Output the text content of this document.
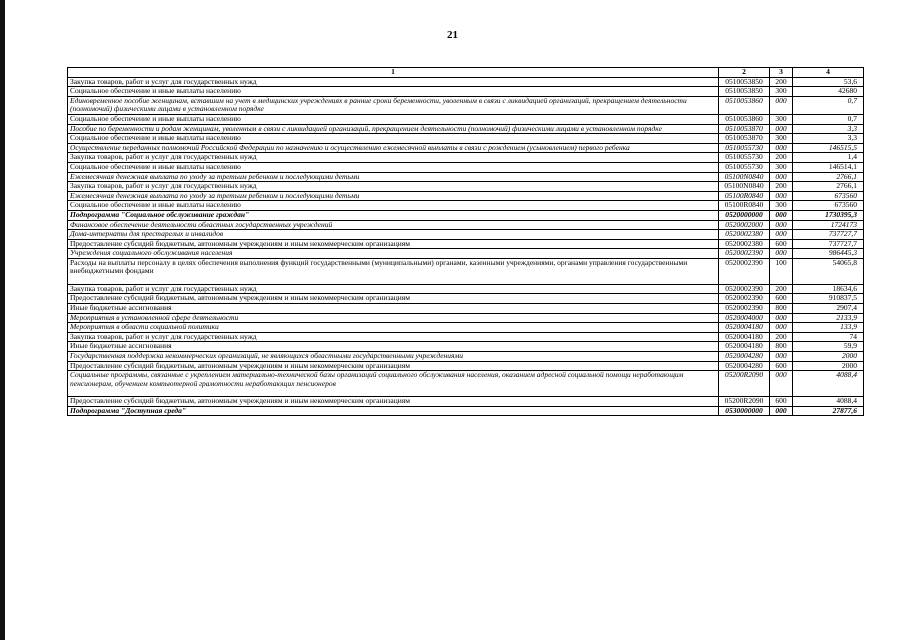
21
1	2	3	4
Закупка товаров, работ и услуг для государственных нужд	0510053850	200	53,6
Социальное обеспечение и иные выплаты населению	0510053850	300	42680
Единовременное пособие женщинам, вставшим на учет в медицинских учреждениях в ранние сроки беременности, уволенным в связи с ликвидацией организаций, прекращением деятельности (полномочий) физическими лицами в установленном порядке	0510053860	000	0,7
Социальное обеспечение и иные выплаты населению	0510053860	300	0,7
Пособие по беременности и родам женщинам, уволенным в связи с ликвидацией организаций, прекращением деятельности (полномочий) физическими лицами в установленном порядке	0510053870	000	3,3
Социальное обеспечение и иные выплаты населению	0510053870	300	3,3
Осуществление переданных полномочий Российской Федерации по назначению и осуществлению ежемесячной выплаты в связи с рождением (усыновлением) первого ребенка	0510055730	000	146515,5
Закупка товаров, работ и услуг для государственных нужд	0510055730	200	1,4
Социальное обеспечение и иные выплаты населению	0510055730	300	146514,1
Ежемесячная денежная выплата по уходу за третьим ребенком и последующими детьми	05100N0840	000	2766,1
Закупка товаров, работ и услуг для государственных нужд	05100N0840	200	2766,1
Ежемесячная денежная выплата по уходу за третьим ребенком и последующими детьми	05100R0840	000	673560
Социальное обеспечение и иные выплаты населению	05100R0840	300	673560
Подпрограмма "Социальное обслуживание граждан"	0520000000	000	1730395,3
Финансовое обеспечение деятельности областных государственных учреждений	0520002000	000	1724173
Дома-интернаты для престарелых и инвалидов	0520002380	000	737727,7
Предоставление субсидий бюджетным, автономным учреждениям и иным некоммерческим организациям	0520002380	600	737727,7
Учреждения социального обслуживания населения	0520002390	000	986445,3
Расходы на выплаты персоналу в целях обеспечения выполнения функций государственными (муниципальными) органами, казенными учреждениями, органами управления государственными внебюджетными фондами	0520002390	100	54065,8
Закупка товаров, работ и услуг для государственных нужд	0520002390	200	18634,6
Предоставление субсидий бюджетным, автономным учреждениям и иным некоммерческим организациям	0520002390	600	910837,5
Иные бюджетные ассигнования	0520002390	800	2907,4
Мероприятия в установленной сфере деятельности	0520004000	000	2133,9
Мероприятия в области социальной политики	0520004180	000	133,9
Закупка товаров, работ и услуг для государственных нужд	0520004180	200	74
Иные бюджетные ассигнования	0520004180	800	59,9
Государственная поддержка некоммерческих организаций, не являющихся областными государственными учреждениями	0520004280	000	2000
Предоставление субсидий бюджетным, автономным учреждениям и иным некоммерческим организациям	0520004280	600	2000
Социальные программы, связанные с укреплением материально-технической базы организаций социального обслуживания населения, оказанием адресной социальной помощи неработающим пенсионерам, обучением компьютерной грамотности неработающих пенсионеров	05200R2090	000	4088,4
Предоставление субсидий бюджетным, автономным учреждениям и иным некоммерческим организациям	05200R2090	600	4088,4
Подпрограмма "Доступная среда"	0530000000	000	27877,6
